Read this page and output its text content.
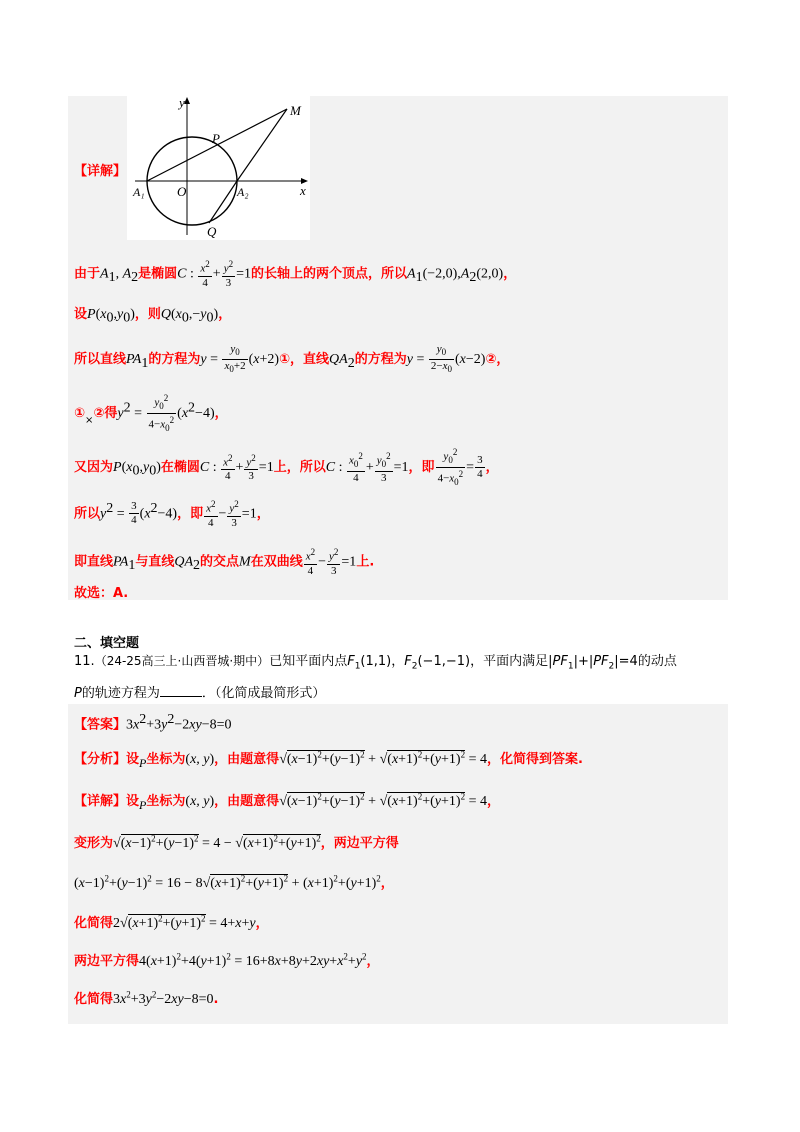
y
x
M
P
A₁ O	A₂
Q
【详解】
由于$A_1$, $A_2$是椭圆C : $\frac{x^2}{4} + \frac{y^2}{3} =1$的长轴上的两个顶点，所以$A_1(-2,0),A_2(2,0)$，
设$P(x_0,y_0)$，则$Q(x_0,-y_0)$，
所以直线$PA_1$的方程为$y = \frac{y_0}{x_0+2}$ (x+2)①，直线$QA_2$的方程为$y = \frac{y_0}{2-x_0}$ (x−2)②，
$①_\times ②$得$y^2 = \frac{y_0^2}{4-x_0^2} (x^2-4)$，
又因为$P(x_0,y_0)$在椭圆C : $\frac{x^2}{4} + \frac{y^2}{3} =1$上，所以C : $\frac{x_0^2}{4} + \frac{y_0^2}{3} =1$，即 $\frac{y_0^2}{4-x_0^2} = \frac{3}{4}$ ，
所以$y^2 = \frac{3}{4} (x^2-4)$，即 $\frac{x^2}{4} - \frac{y^2}{3} =1$，
即直线$PA_1$与直线$QA_2$的交点M在双曲线 $\frac{x^2}{4} - \frac{y^2}{3} =1$上.
故选：A.
二、填空题
11.（24-25高三上·山西晋城·期中）已知平面内点$F_1(1,1)$，$F_2(-1,-1)$，平面内满足$|PF_1|+|PF_2|=4$的动点
P的轨迹方程为	．（化简成最简形式）
【答案】$3x^2+3y^2-2xy-8=0$
【分析】设P坐标为(x, y)，由题意得$√(x-1)^2+(y-1)^2 + √(x+1)^2+(y+1)^2 = 4$，化简得到答案.
【详解】设P坐标为(x, y)，由题意得$√(x-1)^2+(y-1)^2 + √(x+1)^2+(y+1)^2 = 4$，
变形为$√(x-1)^2+(y-1)^2 = 4 - √(x+1)^2+(y+1)^2$，两边平方得
$(x-1)^2+(y-1)^2 = 16 - 8√(x+1)^2+(y+1)^2 + (x+1)^2+(y+1)^2$，
化简得$2√(x+1)^2+(y+1)^2 = 4+x+y$，
两边平方得$4(x+1)^2+4(y+1)^2 = 16+8x+8y+2xy+x^2+y^2$，
化简得$3x^2+3y^2-2xy-8=0$.
